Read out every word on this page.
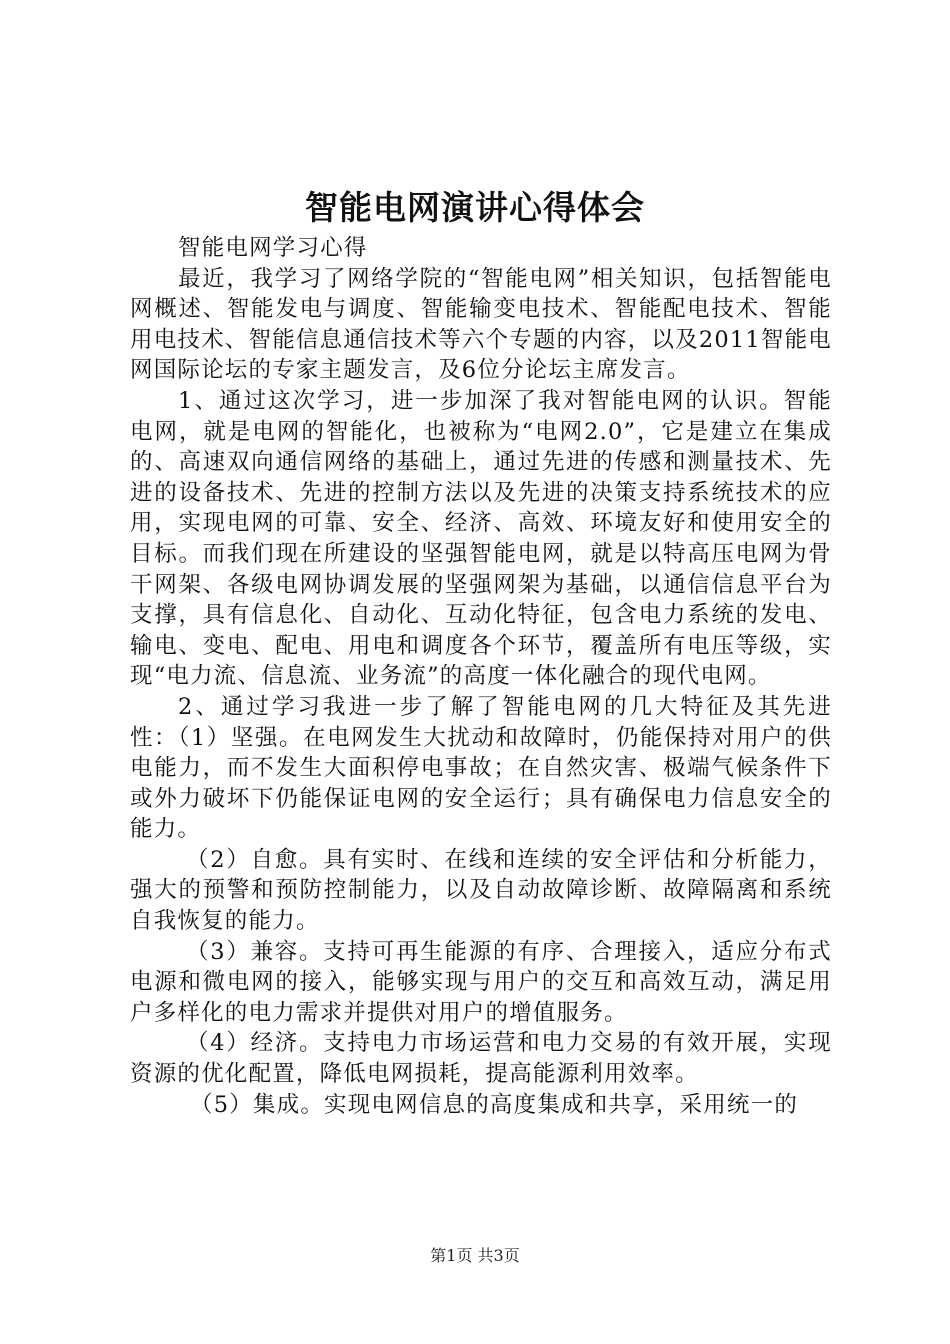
智能电网演讲心得体会

智能电网学习心得

最近，我学习了网络学院的“智能电网”相关知识，包括智能电网概述、智能发电与调度、智能输变电技术、智能配电技术、智能用电技术、智能信息通信技术等六个专题的内容，以及2011智能电网国际论坛的专家主题发言，及6位分论坛主席发言。

1、通过这次学习，进一步加深了我对智能电网的认识。智能电网，就是电网的智能化，也被称为“电网2.0”，它是建立在集成的、高速双向通信网络的基础上，通过先进的传感和测量技术、先进的设备技术、先进的控制方法以及先进的决策支持系统技术的应用，实现电网的可靠、安全、经济、高效、环境友好和使用安全的目标。而我们现在所建设的坚强智能电网，就是以特高压电网为骨干网架、各级电网协调发展的坚强网架为基础，以通信信息平台为支撑，具有信息化、自动化、互动化特征，包含电力系统的发电、输电、变电、配电、用电和调度各个环节，覆盖所有电压等级，实现“电力流、信息流、业务流”的高度一体化融合的现代电网。

2、通过学习我进一步了解了智能电网的几大特征及其先进性：（1）坚强。在电网发生大扰动和故障时，仍能保持对用户的供电能力，而不发生大面积停电事故；在自然灾害、极端气候条件下或外力破坏下仍能保证电网的安全运行；具有确保电力信息安全的能力。

（2）自愈。具有实时、在线和连续的安全评估和分析能力，强大的预警和预防控制能力，以及自动故障诊断、故障隔离和系统自我恢复的能力。

（3）兼容。支持可再生能源的有序、合理接入，适应分布式电源和微电网的接入，能够实现与用户的交互和高效互动，满足用户多样化的电力需求并提供对用户的增值服务。

（4）经济。支持电力市场运营和电力交易的有效开展，实现资源的优化配置，降低电网损耗，提高能源利用效率。

（5）集成。实现电网信息的高度集成和共享，采用统一的

第1页 共3页
